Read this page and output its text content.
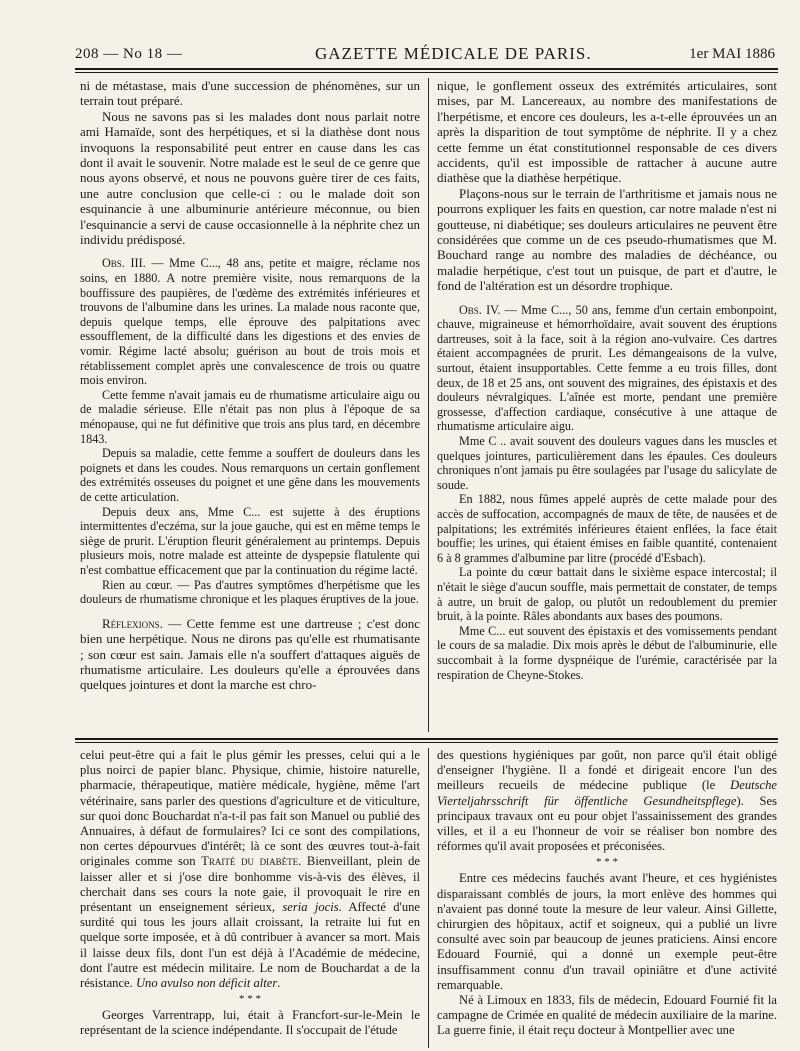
208 — No 18 —	GAZETTE MÉDICALE DE PARIS.	1er MAI 1886

ni de métastase, mais d'une succession de phénomènes, sur un terrain tout préparé.

Nous ne savons pas si les malades dont nous parlait notre ami Hamaïde, sont des herpétiques, et si la diathèse dont nous invoquons la responsabilité peut entrer en cause dans les cas dont il avait le souvenir. Notre malade est le seul de ce genre que nous ayons observé, et nous ne pouvons guère tirer de ces faits, une autre conclusion que celle-ci : ou le malade doit son esquinancie à une albuminurie antérieure méconnue, ou bien l'esquinancie a servi de cause occasionnelle à la néphrite chez un individu prédisposé.

Obs. III. — Mme C..., 48 ans, petite et maigre, réclame nos soins, en 1880. A notre première visite, nous remarquons de la bouffissure des paupières, de l'œdème des extrémités inférieures et trouvons de l'albumine dans les urines. La malade nous raconte que, depuis quelque temps, elle éprouve des palpitations avec essoufflement, de la difficulté dans les digestions et des envies de vomir. Régime lacté absolu; guérison au bout de trois mois et rétablissement complet après une convalescence de trois ou quatre mois environ.

Cette femme n'avait jamais eu de rhumatisme articulaire aigu ou de maladie sérieuse. Elle n'était pas non plus à l'époque de sa ménopause, qui ne fut définitive que trois ans plus tard, en décembre 1843.

Depuis sa maladie, cette femme a souffert de douleurs dans les poignets et dans les coudes. Nous remarquons un certain gonflement des extrémités osseuses du poignet et une gêne dans les mouvements de cette articulation.

Depuis deux ans, Mme C... est sujette à des éruptions intermittentes d'eczéma, sur la joue gauche, qui est en même temps le siège de prurit. L'éruption fleurit généralement au printemps. Depuis plusieurs mois, notre malade est atteinte de dyspepsie flatulente qui n'est combattue efficacement que par la continuation du régime lacté.

Rien au cœur. — Pas d'autres symptômes d'herpétisme que les douleurs de rhumatisme chronique et les plaques éruptives de la joue.

Réflexions. — Cette femme est une dartreuse ; c'est donc bien une herpétique. Nous ne dirons pas qu'elle est rhumatisante ; son cœur est sain. Jamais elle n'a souffert d'attaques aiguës de rhumatisme articulaire. Les douleurs qu'elle a éprouvées dans quelques jointures et dont la marche est chro-

nique, le gonflement osseux des extrémités articulaires, sont mises, par M. Lancereaux, au nombre des manifestations de l'herpétisme, et encore ces douleurs, les a-t-elle éprouvées un an après la disparition de tout symptôme de néphrite. Il y a chez cette femme un état constitutionnel responsable de ces divers accidents, qu'il est impossible de rattacher à aucune autre diathèse que la diathèse herpétique.

Plaçons-nous sur le terrain de l'arthritisme et jamais nous ne pourrons expliquer les faits en question, car notre malade n'est ni goutteuse, ni diabétique; ses douleurs articulaires ne peuvent être considérées que comme un de ces pseudo-rhumatismes que M. Bouchard range au nombre des maladies de déchéance, ou maladie herpétique, c'est tout un puisque, de part et d'autre, le fond de l'altération est un désordre trophique.

Obs. IV. — Mme C..., 50 ans, femme d'un certain embonpoint, chauve, migraineuse et hémorrhoïdaire, avait souvent des éruptions dartreuses, soit à la face, soit à la région ano-vulvaire. Ces dartres étaient accompagnées de prurit. Les démangeaisons de la vulve, surtout, étaient insupportables. Cette femme a eu trois filles, dont deux, de 18 et 25 ans, ont souvent des migraines, des épistaxis et des douleurs névralgiques. L'aînée est morte, pendant une première grossesse, d'affection cardiaque, consécutive à une attaque de rhumatisme articulaire aigu.

Mme C .. avait souvent des douleurs vagues dans les muscles et quelques jointures, particulièrement dans les épaules. Ces douleurs chroniques n'ont jamais pu être soulagées par l'usage du salicylate de soude.

En 1882, nous fûmes appelé auprès de cette malade pour des accès de suffocation, accompagnés de maux de tête, de nausées et de palpitations; les extrémités inférieures étaient enflées, la face était bouffie; les urines, qui étaient émises en faible quantité, contenaient 6 à 8 grammes d'albumine par litre (procédé d'Esbach).

La pointe du cœur battait dans le sixième espace intercostal; il n'était le siège d'aucun souffle, mais permettait de constater, de temps à autre, un bruit de galop, ou plutôt un redoublement du premier bruit, à la pointe. Râles abondants aux bases des poumons.

Mme C... eut souvent des épistaxis et des vomissements pendant le cours de sa maladie. Dix mois après le début de l'albuminurie, elle succombait à la forme dyspnéique de l'urémie, caractérisée par la respiration de Cheyne-Stokes.

celui peut-être qui a fait le plus gémir les presses, celui qui a le plus noirci de papier blanc. Physique, chimie, histoire naturelle, pharmacie, thérapeutique, matière médicale, hygiène, même l'art vétérinaire, sans parler des questions d'agriculture et de viticulture, sur quoi donc Bouchardat n'a-t-il pas fait son Manuel ou publié des Annuaires, à défaut de formulaires? Ici ce sont des compilations, non certes dépourvues d'intérêt; là ce sont des œuvres tout-à-fait originales comme son Traité du diabète. Bienveillant, plein de laisser aller et si j'ose dire bonhomme vis-à-vis des élèves, il cherchait dans ses cours la note gaie, il provoquait le rire en présentant un enseignement sérieux, seria jocis. Affecté d'une surdité qui tous les jours allait croissant, la retraite lui fut en quelque sorte imposée, et à dû contribuer à avancer sa mort. Mais il laisse deux fils, dont l'un est déjà à l'Académie de médecine, dont l'autre est médecin militaire. Le nom de Bouchardat a de la résistance. Uno avulso non déficit alter.

* * *

Georges Varrentrapp, lui, était à Francfort-sur-le-Mein le représentant de la science indépendante. Il s'occupait de l'étude

des questions hygiéniques par goût, non parce qu'il était obligé d'enseigner l'hygiène. Il a fondé et dirigeait encore l'un des meilleurs recueils de médecine publique (le Deutsche Vierteljahrsschrift für öffentliche Gesundheitspflege). Ses principaux travaux ont eu pour objet l'assainissement des grandes villes, et il a eu l'honneur de voir se réaliser bon nombre des réformes qu'il avait proposées et préconisées.

* * *

Entre ces médecins fauchés avant l'heure, et ces hygiénistes disparaissant comblés de jours, la mort enlève des hommes qui n'avaient pas donné toute la mesure de leur valeur. Ainsi Gillette, chirurgien des hôpitaux, actif et soigneux, qui a publié un livre consulté avec soin par beaucoup de jeunes praticiens. Ainsi encore Edouard Fournié, qui a donné un exemple peut-être insuffisamment connu d'un travail opiniâtre et d'une activité remarquable.

Né à Limoux en 1833, fils de médecin, Edouard Fournié fit la campagne de Crimée en qualité de médecin auxiliaire de la marine. La guerre finie, il était reçu docteur à Montpellier avec une
